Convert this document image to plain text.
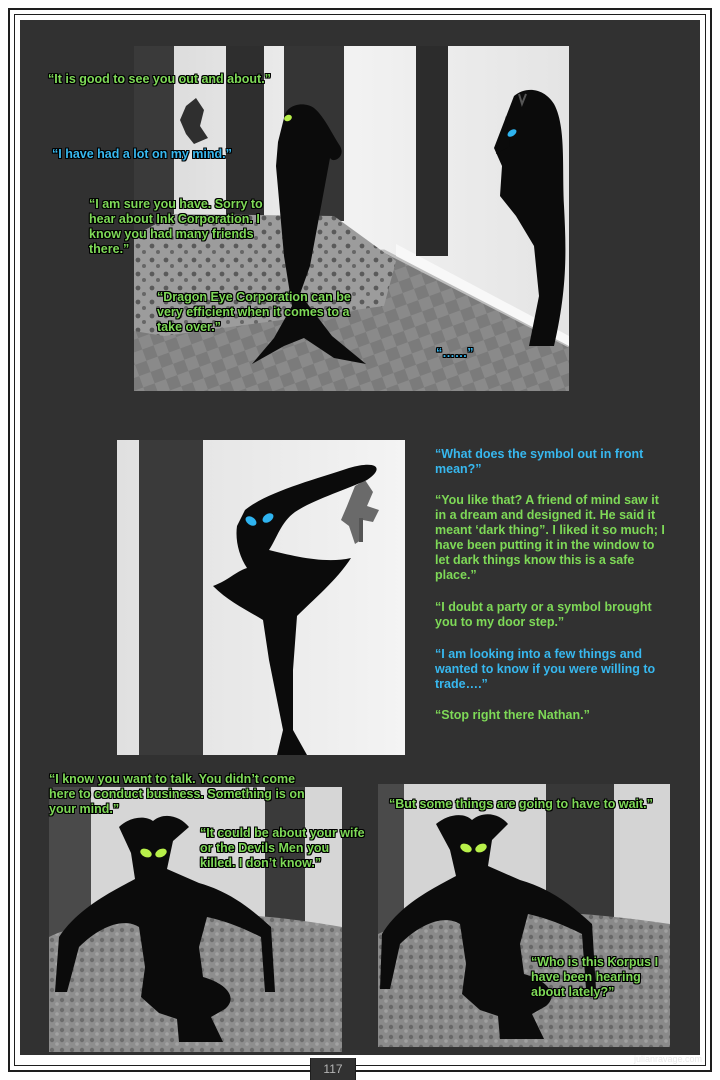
“It is good to see you out and about.”
“I have had a lot on my mind.”
“I am sure you have. Sorry to hear about Ink Corporation. I know you had many friends there.”
“Dragon Eye Corporation can be very efficient when it comes to a take over.”
“……”
“What does the symbol out in front mean?”
“You like that? A friend of mind saw it in a dream and designed it. He said it meant ‘dark thing”. I liked it so much; I have been putting it in the window to let dark things know this is a safe place.”
“I doubt a party or a symbol brought you to my door step.”
“I am looking into a few things and wanted to know if you were willing to trade….”
“Stop right there Nathan.”
“I know you want to talk. You didn’t come here to conduct business. Something is on your mind.”
“It could be about your wife or the Devils Men you killed. I don’t know.”
“But some things are going to have to wait.”
“Who is this Korpus I have been hearing about lately?”
julianravage.com
117
